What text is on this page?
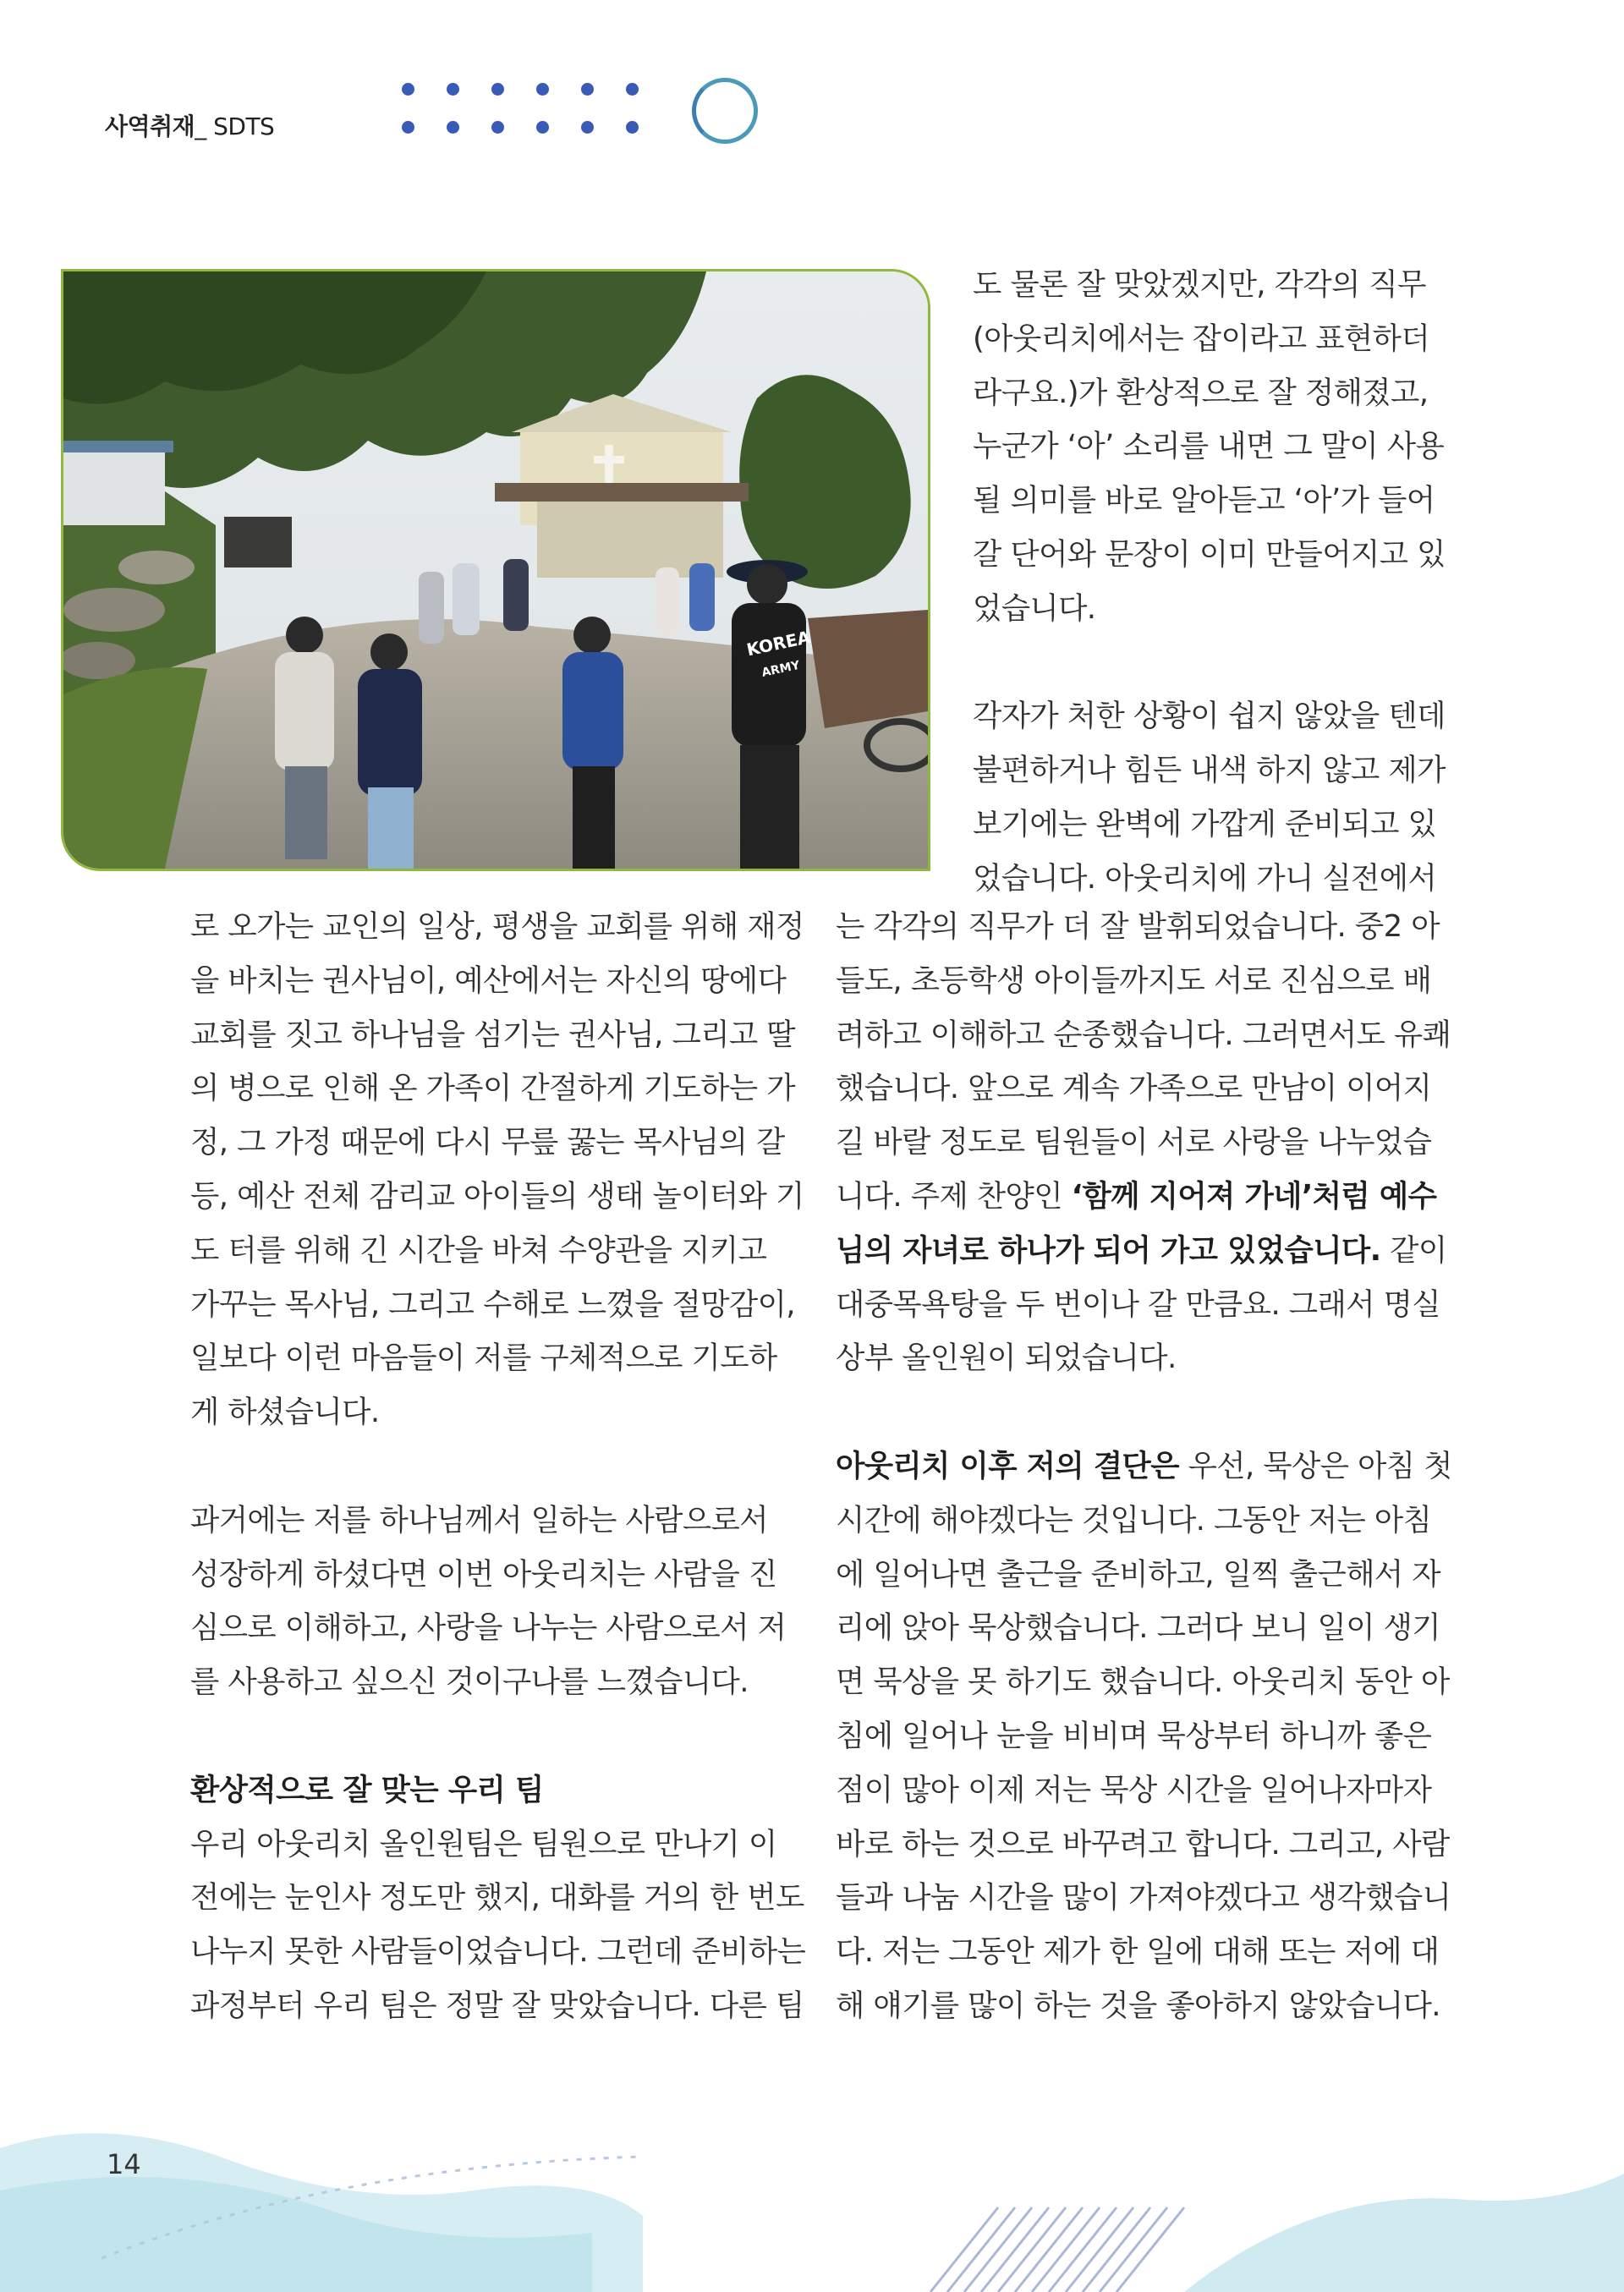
사역취재_ SDTS
KOREA
ARMY

도 물론 잘 맞았겠지만, 각각의 직무

(아웃리치에서는 잡이라고 표현하더

라구요.)가 환상적으로 잘 정해졌고,

누군가 ‘아’ 소리를 내면 그 말이 사용

될 의미를 바로 알아듣고 ‘아’가 들어

갈 단어와 문장이 이미 만들어지고 있

었습니다.

각자가 처한 상황이 쉽지 않았을 텐데

불편하거나 힘든 내색 하지 않고 제가

보기에는 완벽에 가깝게 준비되고 있

었습니다. 아웃리치에 가니 실전에서

로 오가는 교인의 일상, 평생을 교회를 위해 재정

을 바치는 권사님이, 예산에서는 자신의 땅에다

교회를 짓고 하나님을 섬기는 권사님, 그리고 딸

의 병으로 인해 온 가족이 간절하게 기도하는 가

정, 그 가정 때문에 다시 무릎 꿇는 목사님의 갈

등, 예산 전체 감리교 아이들의 생태 놀이터와 기

도 터를 위해 긴 시간을 바쳐 수양관을 지키고

가꾸는 목사님, 그리고 수해로 느꼈을 절망감이,

일보다 이런 마음들이 저를 구체적으로 기도하

게 하셨습니다.

과거에는 저를 하나님께서 일하는 사람으로서

성장하게 하셨다면 이번 아웃리치는 사람을 진

심으로 이해하고, 사랑을 나누는 사람으로서 저

를 사용하고 싶으신 것이구나를 느꼈습니다.

환상적으로 잘 맞는 우리 팀

우리 아웃리치 올인원팀은 팀원으로 만나기 이

전에는 눈인사 정도만 했지, 대화를 거의 한 번도

나누지 못한 사람들이었습니다. 그런데 준비하는

과정부터 우리 팀은 정말 잘 맞았습니다. 다른 팀

는 각각의 직무가 더 잘 발휘되었습니다. 중2 아

들도, 초등학생 아이들까지도 서로 진심으로 배

려하고 이해하고 순종했습니다. 그러면서도 유쾌

했습니다. 앞으로 계속 가족으로 만남이 이어지

길 바랄 정도로 팀원들이 서로 사랑을 나누었습

니다. 주제 찬양인 ‘함께 지어져 가네’처럼 예수

님의 자녀로 하나가 되어 가고 있었습니다. 같이

대중목욕탕을 두 번이나 갈 만큼요. 그래서 명실

상부 올인원이 되었습니다.

아웃리치 이후 저의 결단은 우선, 묵상은 아침 첫

시간에 해야겠다는 것입니다. 그동안 저는 아침

에 일어나면 출근을 준비하고, 일찍 출근해서 자

리에 앉아 묵상했습니다. 그러다 보니 일이 생기

면 묵상을 못 하기도 했습니다. 아웃리치 동안 아

침에 일어나 눈을 비비며 묵상부터 하니까 좋은

점이 많아 이제 저는 묵상 시간을 일어나자마자

바로 하는 것으로 바꾸려고 합니다. 그리고, 사람

들과 나눔 시간을 많이 가져야겠다고 생각했습니

다. 저는 그동안 제가 한 일에 대해 또는 저에 대

해 얘기를 많이 하는 것을 좋아하지 않았습니다.

14
